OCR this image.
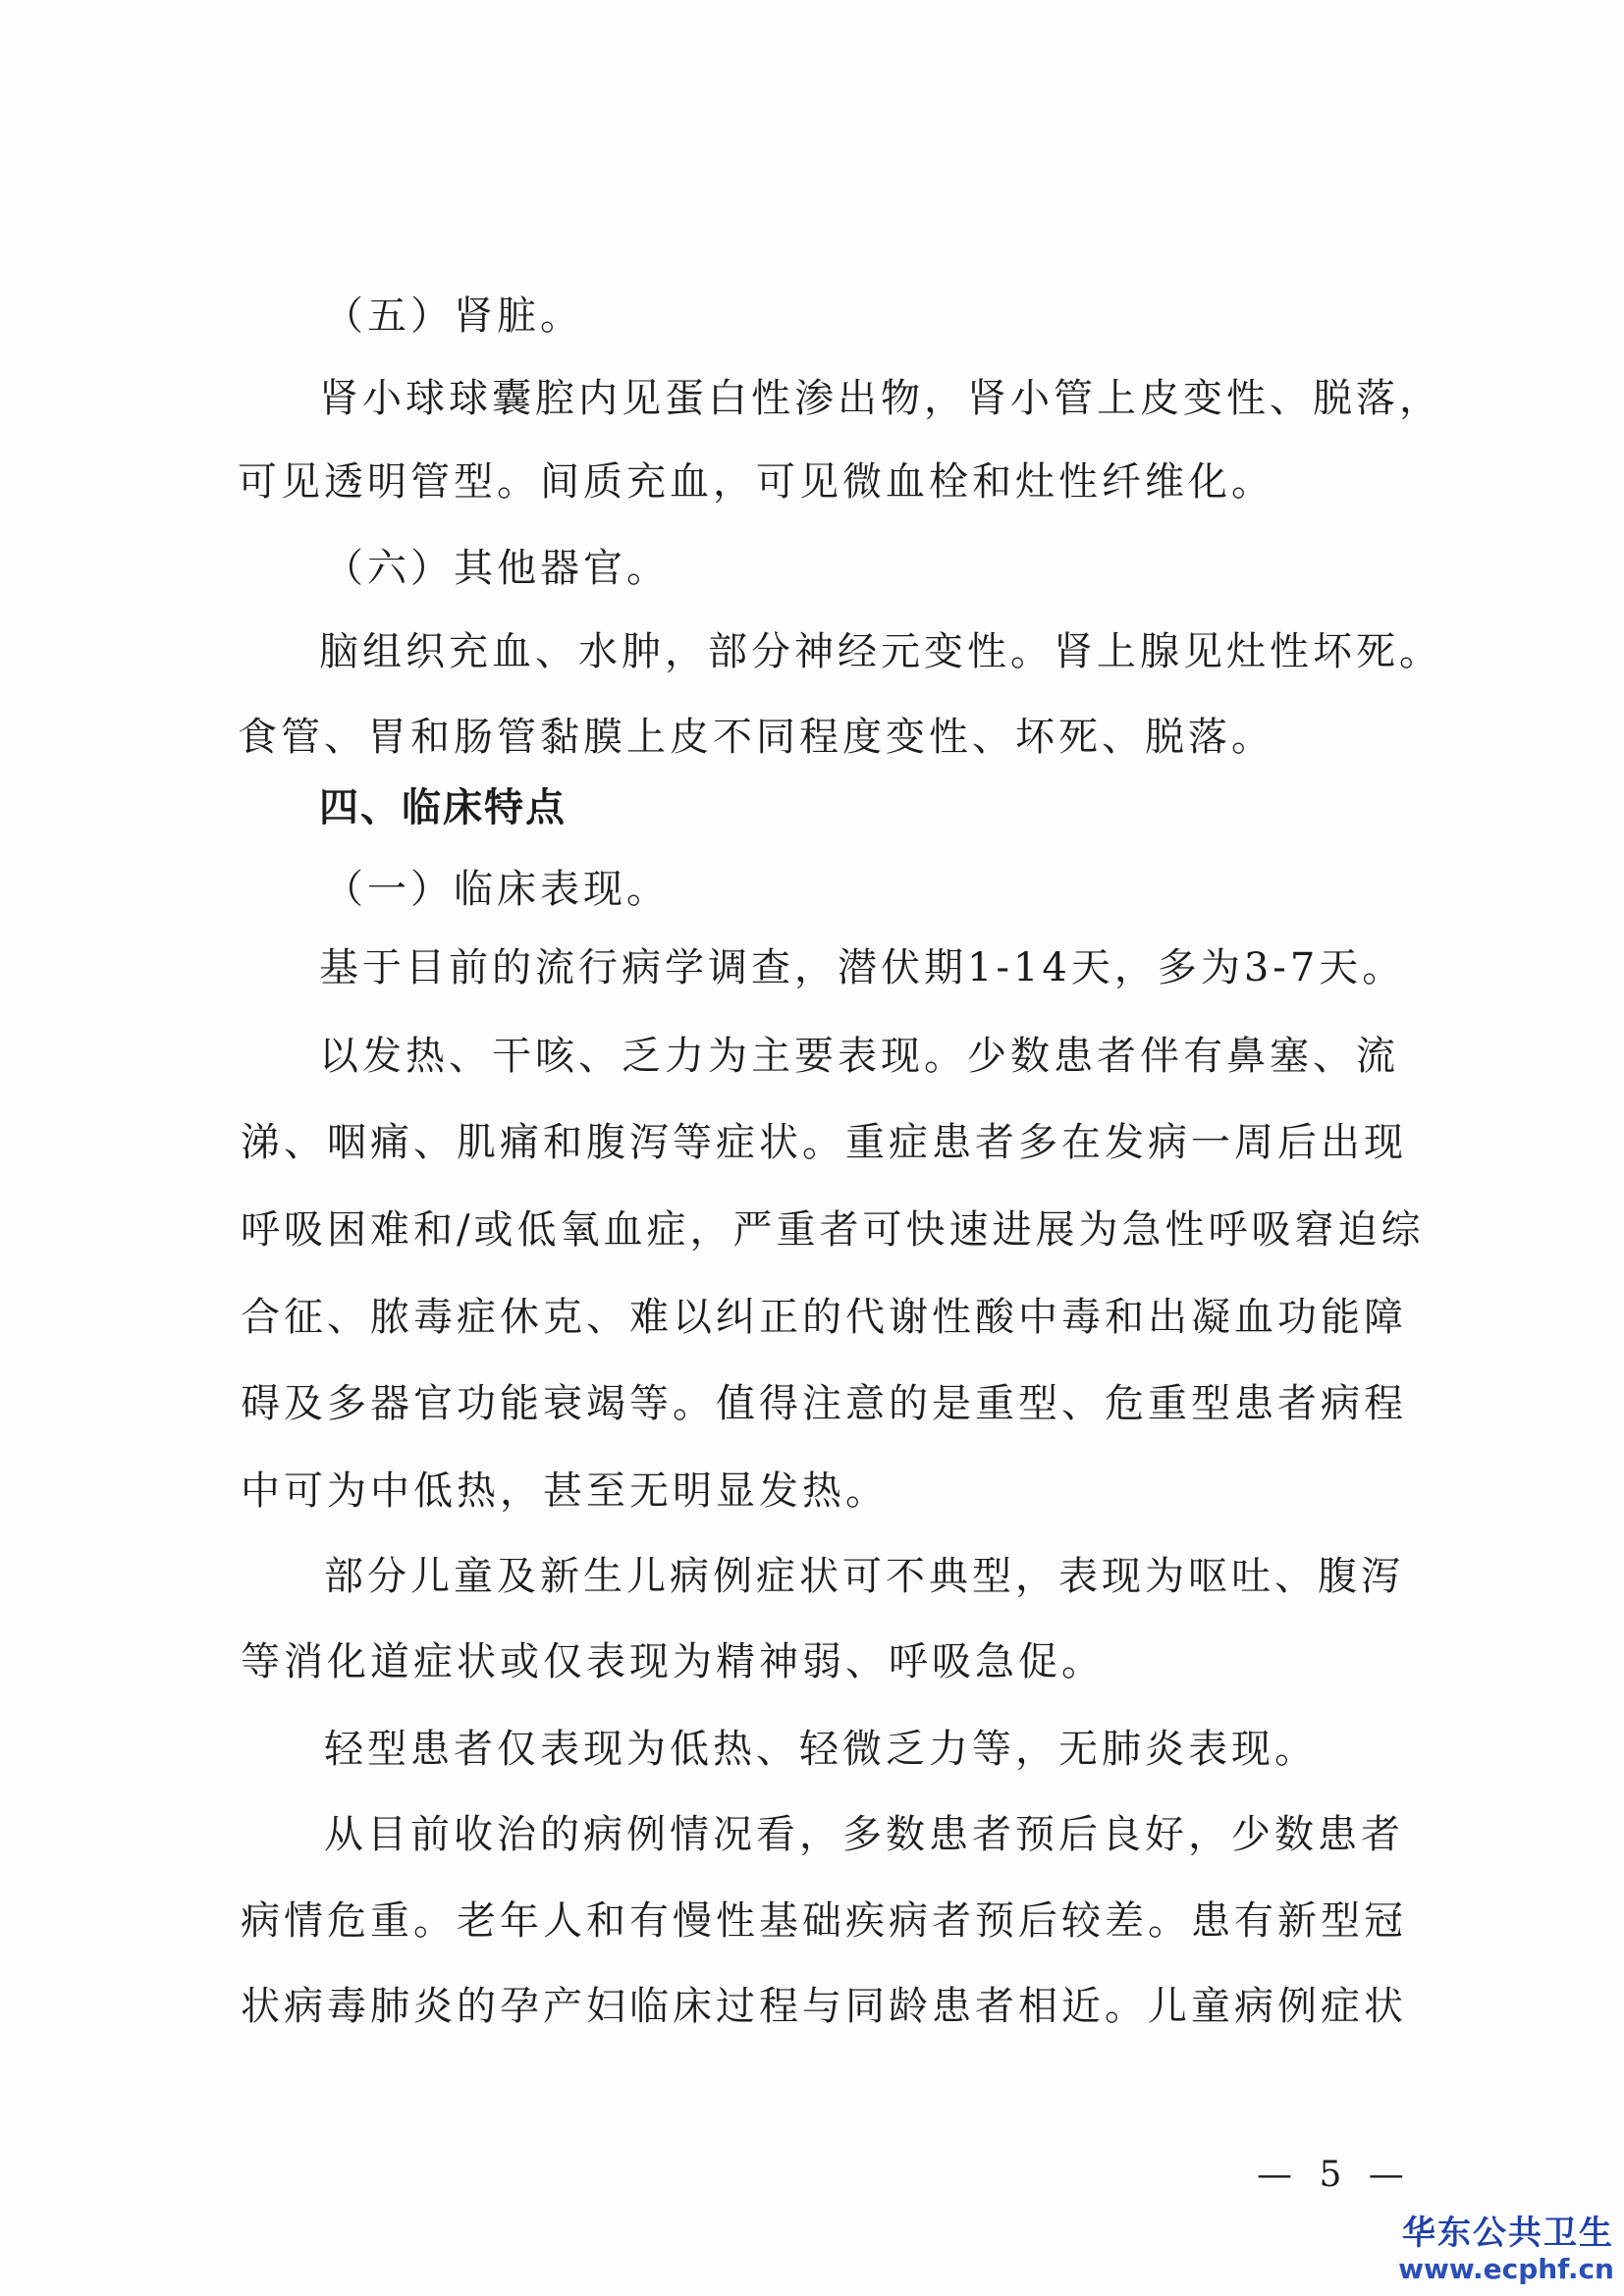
（五）肾脏。
肾小球球囊腔内见蛋白性渗出物，肾小管上皮变性、脱落，
可见透明管型。间质充血，可见微血栓和灶性纤维化。
（六）其他器官。
脑组织充血、水肿，部分神经元变性。肾上腺见灶性坏死。
食管、胃和肠管黏膜上皮不同程度变性、坏死、脱落。
四、临床特点
（一）临床表现。
基于目前的流行病学调查，潜伏期1-14天，多为3-7天。
以发热、干咳、乏力为主要表现。少数患者伴有鼻塞、流
涕、咽痛、肌痛和腹泻等症状。重症患者多在发病一周后出现
呼吸困难和/或低氧血症，严重者可快速进展为急性呼吸窘迫综
合征、脓毒症休克、难以纠正的代谢性酸中毒和出凝血功能障
碍及多器官功能衰竭等。值得注意的是重型、危重型患者病程
中可为中低热，甚至无明显发热。
部分儿童及新生儿病例症状可不典型，表现为呕吐、腹泻
等消化道症状或仅表现为精神弱、呼吸急促。
轻型患者仅表现为低热、轻微乏力等，无肺炎表现。
从目前收治的病例情况看，多数患者预后良好，少数患者
病情危重。老年人和有慢性基础疾病者预后较差。患有新型冠
状病毒肺炎的孕产妇临床过程与同龄患者相近。儿童病例症状
— 5 —
华东公共卫生
www.ecphf.cn
